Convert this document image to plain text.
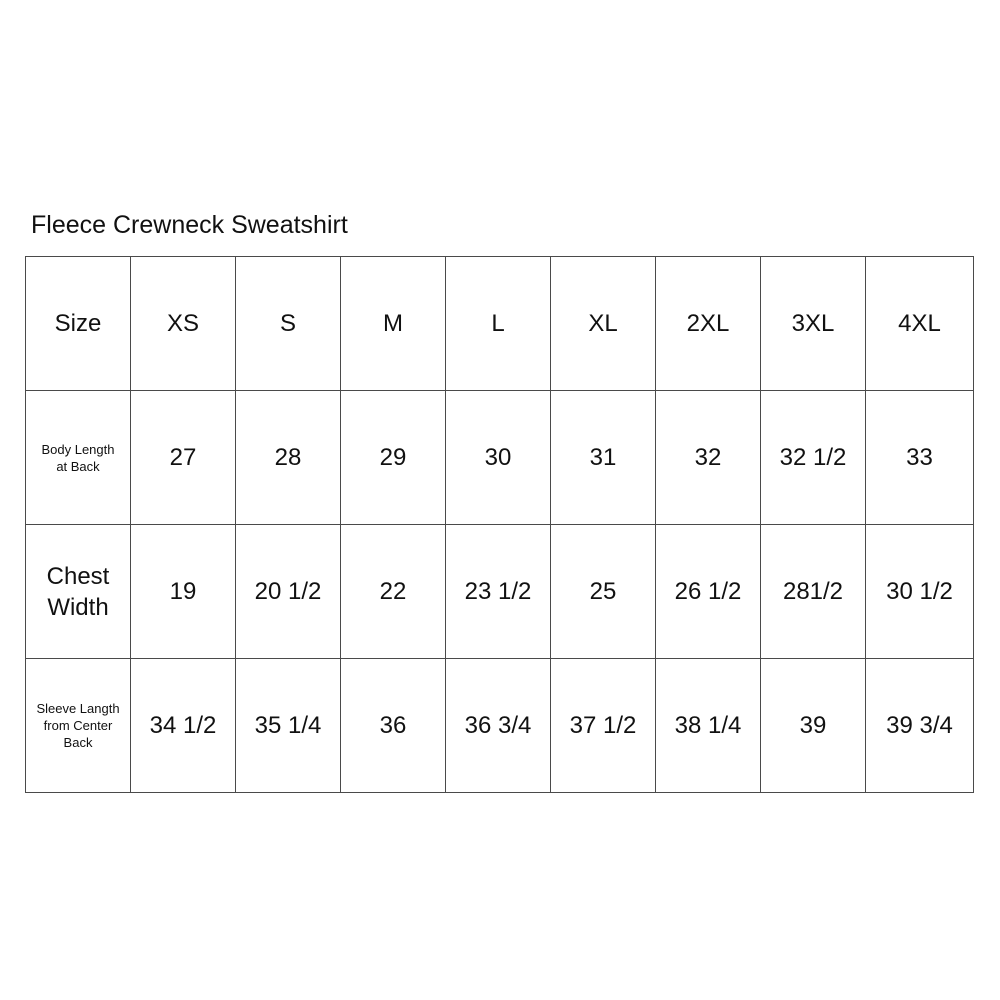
Fleece Crewneck Sweatshirt
Size	XS	S	M	L	XL	2XL	3XL	4XL

Body Length
at Back	27	28	29	30	31	32	32 1/2	33

Chest
Width	19	20 1/2	22	23 1/2	25	26 1/2	281/2	30 1/2

Sleeve Langth
from Center
Back	34 1/2	35 1/4	36	36 3/4	37 1/2	38 1/4	39	39 3/4
